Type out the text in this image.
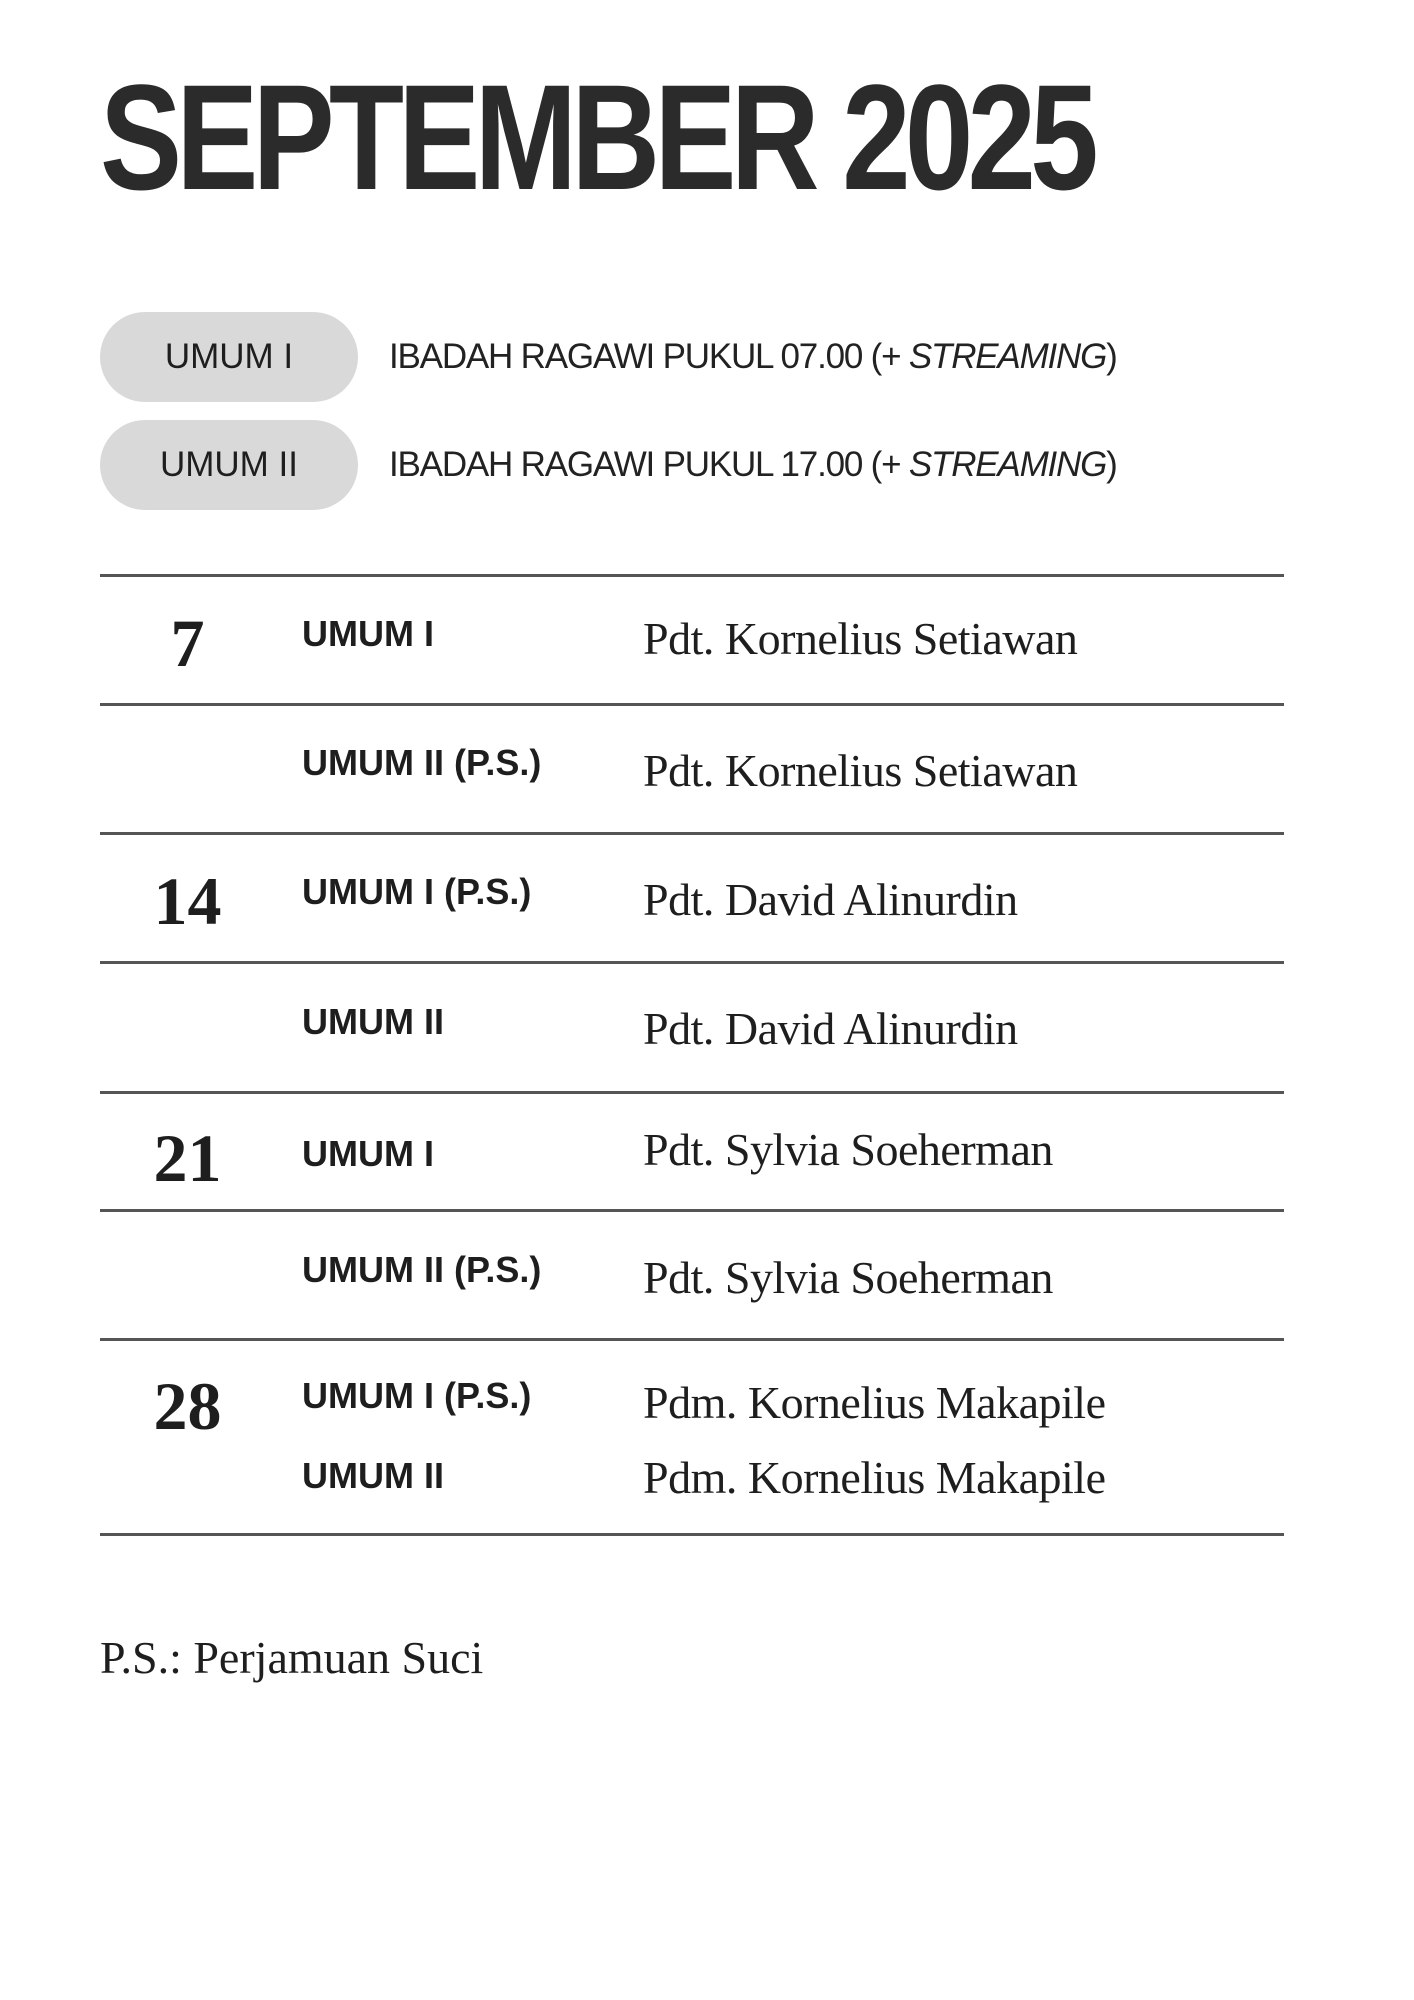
SEPTEMBER 2025
UMUM I	IBADAH RAGAWI PUKUL 07.00 (+ STREAMING)
UMUM II	IBADAH RAGAWI PUKUL 17.00 (+ STREAMING)
7	UMUM I	Pdt. Kornelius Setiawan
UMUM II (P.S.) Pdt. Kornelius Setiawan
14	UMUM I (P.S.) Pdt. David Alinurdin
UMUM II	Pdt. David Alinurdin
21	UMUM I	Pdt. Sylvia Soeherman
UMUM II (P.S.) Pdt. Sylvia Soeherman
28	UMUM I (P.S.) Pdm. Kornelius Makapile
UMUM II	Pdm. Kornelius Makapile
P.S.: Perjamuan Suci
